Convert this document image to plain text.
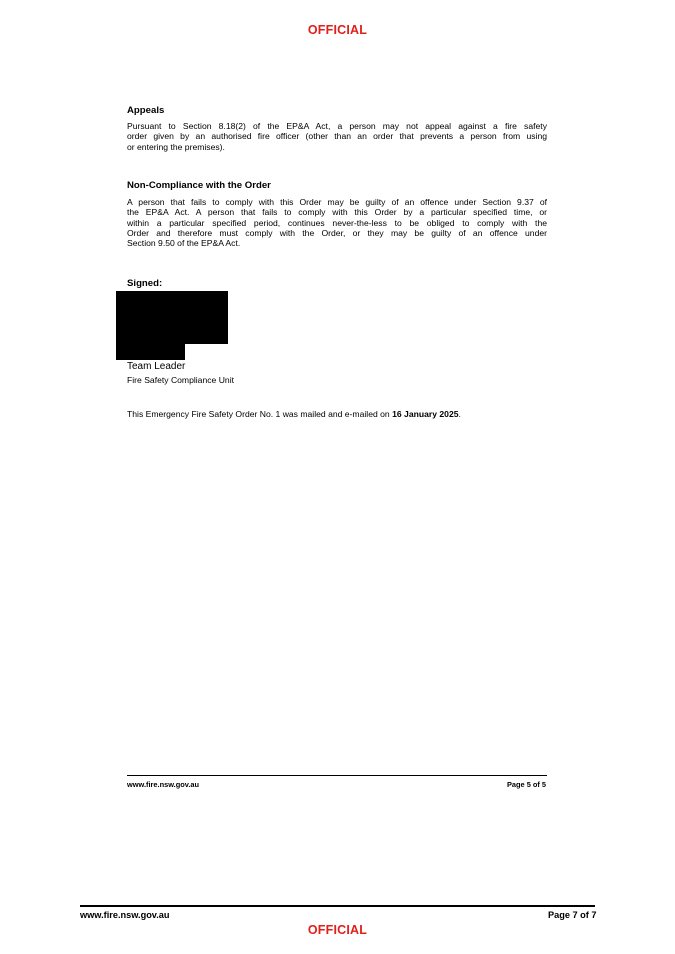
OFFICIAL

Appeals

Pursuant to Section 8.18(2) of the EP&A Act, a person may not appeal against a fire safety

order given by an authorised fire officer (other than an order that prevents a person from using

or entering the premises).

Non-Compliance with the Order

A person that fails to comply with this Order may be guilty of an offence under Section 9.37 of

the EP&A Act. A person that fails to comply with this Order by a particular specified time, or

within a particular specified period, continues never-the-less to be obliged to comply with the

Order and therefore must comply with the Order, or they may be guilty of an offence under

Section 9.50 of the EP&A Act.

Signed:

Team Leader
Fire Safety Compliance Unit
This Emergency Fire Safety Order No. 1 was mailed and e-mailed on 16 January 2025.
www.fire.nsw.gov.au	Page 5 of 5
www.fire.nsw.gov.au	Page 7 of 7
OFFICIAL
